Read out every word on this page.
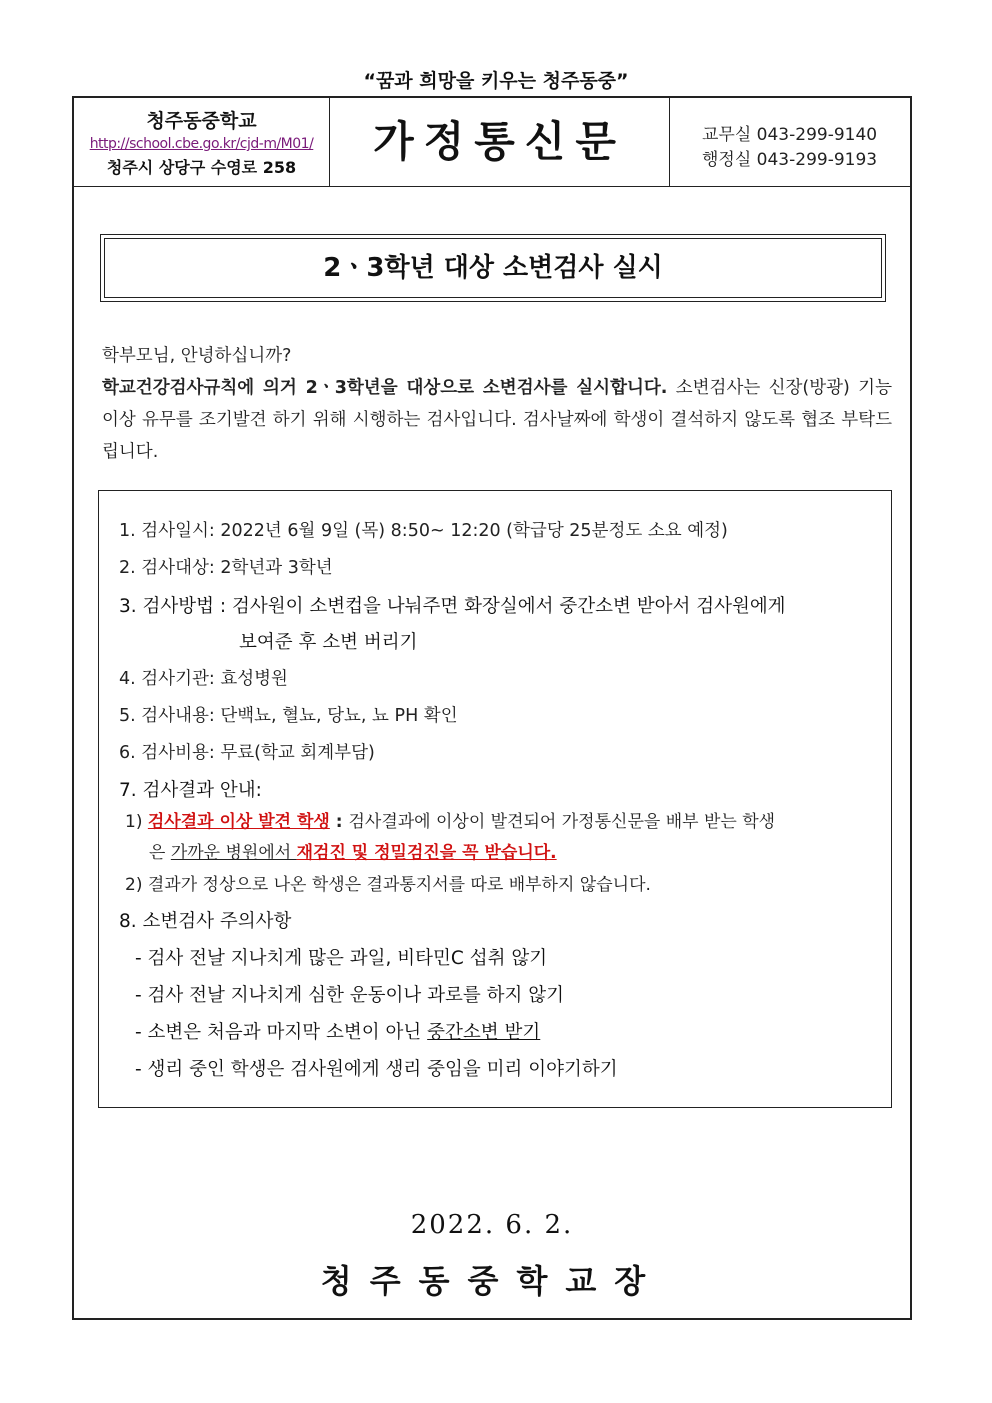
“꿈과 희망을 키우는 청주동중”
청주동중학교
http://school.cbe.go.kr/cjd-m/M01/
청주시 상당구 수영로 258
가정통신문	교무실 043-299-9140
행정실 043-299-9193
2ㆍ3학년 대상 소변검사 실시
학부모님, 안녕하십니까?
학교건강검사규칙에 의거 2ㆍ3학년을 대상으로 소변검사를 실시합니다. 소변검사는 신장(방광) 기능 이상 유무를 조기발견 하기 위해 시행하는 검사입니다. 검사날짜에 학생이 결석하지 않도록 협조 부탁드립니다.
1. 검사일시: 2022년 6월 9일 (목) 8:50~ 12:20 (학급당 25분정도 소요 예정)
2. 검사대상: 2학년과 3학년
3. 검사방법 : 검사원이 소변컵을 나눠주면 화장실에서 중간소변 받아서 검사원에게
보여준 후 소변 버리기
4. 검사기관: 효성병원
5. 검사내용: 단백뇨, 혈뇨, 당뇨, 뇨 PH 확인
6. 검사비용: 무료(학교 회계부담)
7. 검사결과 안내:
1) 검사결과 이상 발견 학생 : 검사결과에 이상이 발견되어 가정통신문을 배부 받는 학생
은 가까운 병원에서 재검진 및 정밀검진을 꼭 받습니다.
2) 결과가 정상으로 나온 학생은 결과통지서를 따로 배부하지 않습니다.
8. 소변검사 주의사항
- 검사 전날 지나치게 많은 과일, 비타민C 섭취 않기
- 검사 전날 지나치게 심한 운동이나 과로를 하지 않기
- 소변은 처음과 마지막 소변이 아닌 중간소변 받기
- 생리 중인 학생은 검사원에게 생리 중임을 미리 이야기하기
2022. 6. 2.
청주동중학교장
